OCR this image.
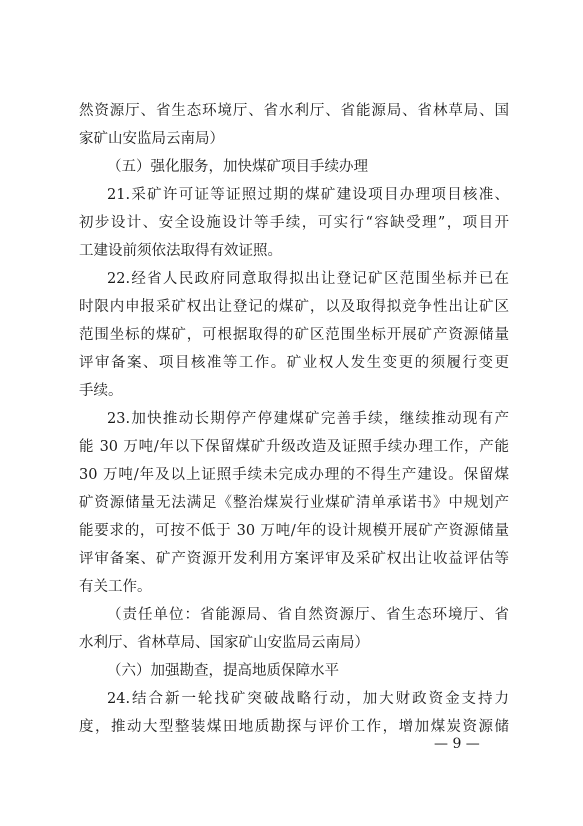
然资源厅、省生态环境厅、省水利厅、省能源局、省林草局、国
家矿山安监局云南局）
（五）强化服务，加快煤矿项目手续办理
21.采矿许可证等证照过期的煤矿建设项目办理项目核准、
初步设计、安全设施设计等手续，可实行“容缺受理”，项目开
工建设前须依法取得有效证照。
22.经省人民政府同意取得拟出让登记矿区范围坐标并已在
时限内申报采矿权出让登记的煤矿，以及取得拟竞争性出让矿区
范围坐标的煤矿，可根据取得的矿区范围坐标开展矿产资源储量
评审备案、项目核准等工作。矿业权人发生变更的须履行变更
手续。
23.加快推动长期停产停建煤矿完善手续，继续推动现有产
能 30 万吨/年以下保留煤矿升级改造及证照手续办理工作，产能
30 万吨/年及以上证照手续未完成办理的不得生产建设。保留煤
矿资源储量无法满足《整治煤炭行业煤矿清单承诺书》中规划产
能要求的，可按不低于 30 万吨/年的设计规模开展矿产资源储量
评审备案、矿产资源开发利用方案评审及采矿权出让收益评估等
有关工作。
（责任单位：省能源局、省自然资源厅、省生态环境厅、省
水利厅、省林草局、国家矿山安监局云南局）
（六）加强勘查，提高地质保障水平
24.结合新一轮找矿突破战略行动，加大财政资金支持力
度，推动大型整装煤田地质勘探与评价工作，增加煤炭资源储
— 9 —
